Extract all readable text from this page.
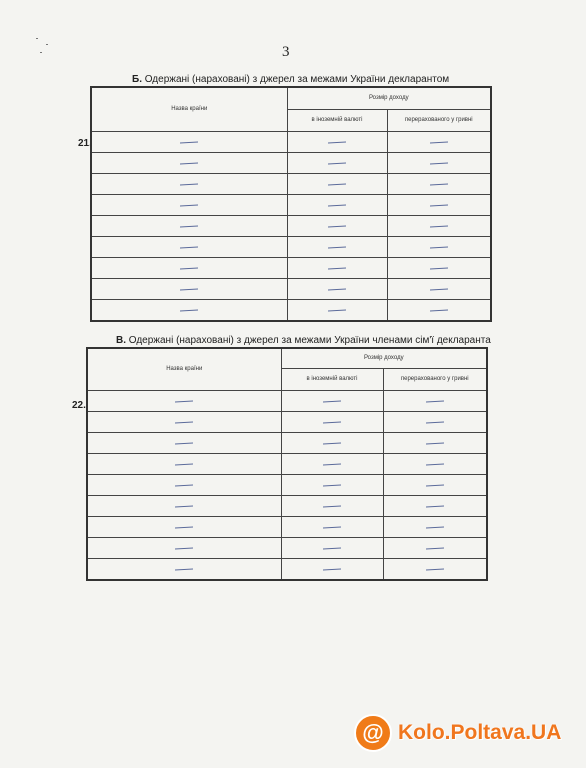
3
Б. Одержані (нараховані) з джерел за межами України декларантом
21.
Назва країни	Розмір доходу	
	в іноземній валюті	перерахованого у гривні

В. Одержані (нараховані) з джерел за межами України членами сім'ї декларанта
22.
Назва країни	Розмір доходу	
	в іноземній валюті	перерахованого у гривні

@ Kolo.Poltava.UA
